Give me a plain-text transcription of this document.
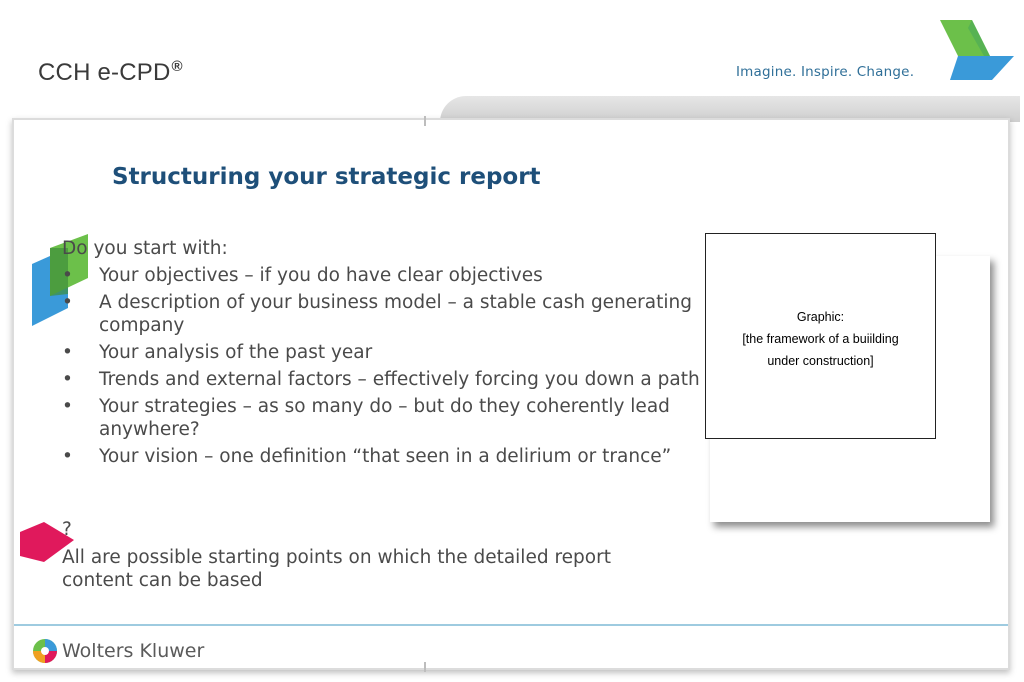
CCH e-CPD®	Imagine. Inspire. Change.
Structuring your strategic report
Do you start with:
• Your objectives – if you do have clear objectives
• A description of your business model – a stable cash generating company
• Your analysis of the past year
• Trends and external factors – effectively forcing you down a path
• Your strategies – as so many do – but do they coherently lead anywhere?
• Your vision – one definition “that seen in a delirium or trance”
?
All are possible starting points on which the detailed report content can be based
Graphic:
[the framework of a buiilding
under construction]
Wolters Kluwer
